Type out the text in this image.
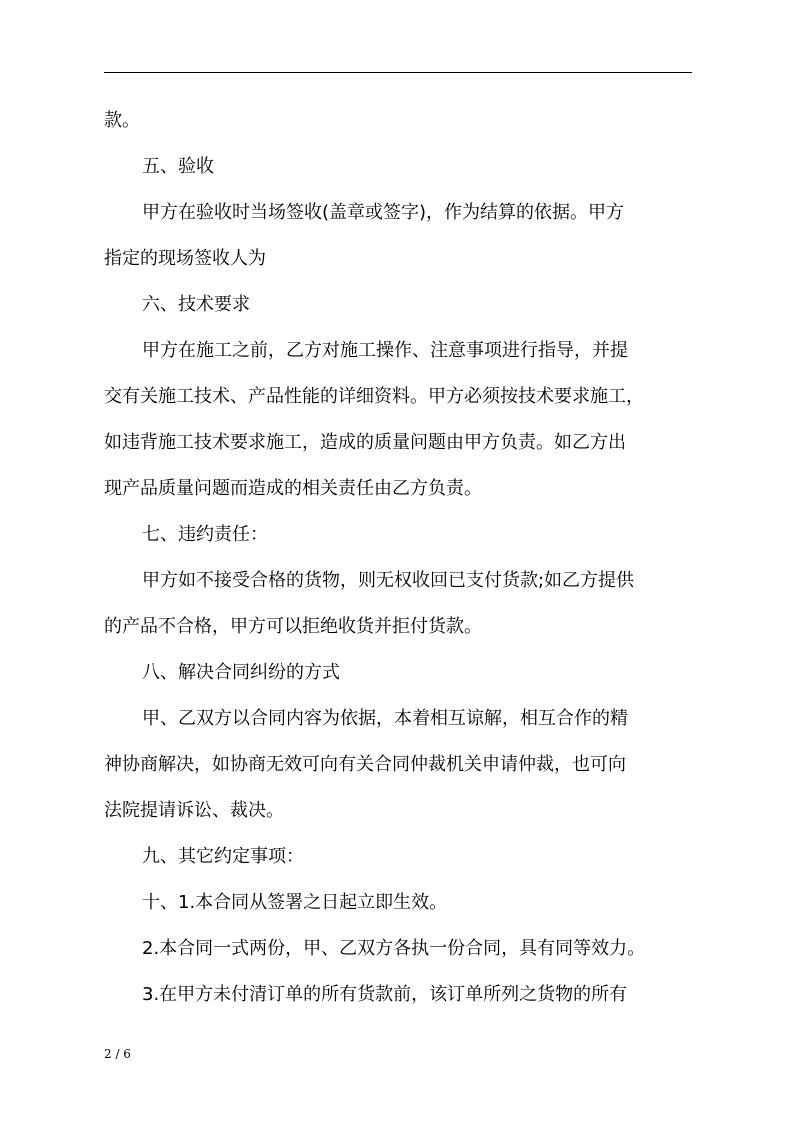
款。
五、验收
甲方在验收时当场签收(盖章或签字)，作为结算的依据。甲方
指定的现场签收人为
六、技术要求
甲方在施工之前，乙方对施工操作、注意事项进行指导，并提
交有关施工技术、产品性能的详细资料。甲方必须按技术要求施工，
如违背施工技术要求施工，造成的质量问题由甲方负责。如乙方出
现产品质量问题而造成的相关责任由乙方负责。
七、违约责任：
甲方如不接受合格的货物，则无权收回已支付货款;如乙方提供
的产品不合格，甲方可以拒绝收货并拒付货款。
八、解决合同纠纷的方式
甲、乙双方以合同内容为依据，本着相互谅解，相互合作的精
神协商解决，如协商无效可向有关合同仲裁机关申请仲裁，也可向
法院提请诉讼、裁决。
九、其它约定事项：
十、1.本合同从签署之日起立即生效。
2.本合同一式两份，甲、乙双方各执一份合同，具有同等效力。
3.在甲方未付清订单的所有货款前，该订单所列之货物的所有
2 / 6
